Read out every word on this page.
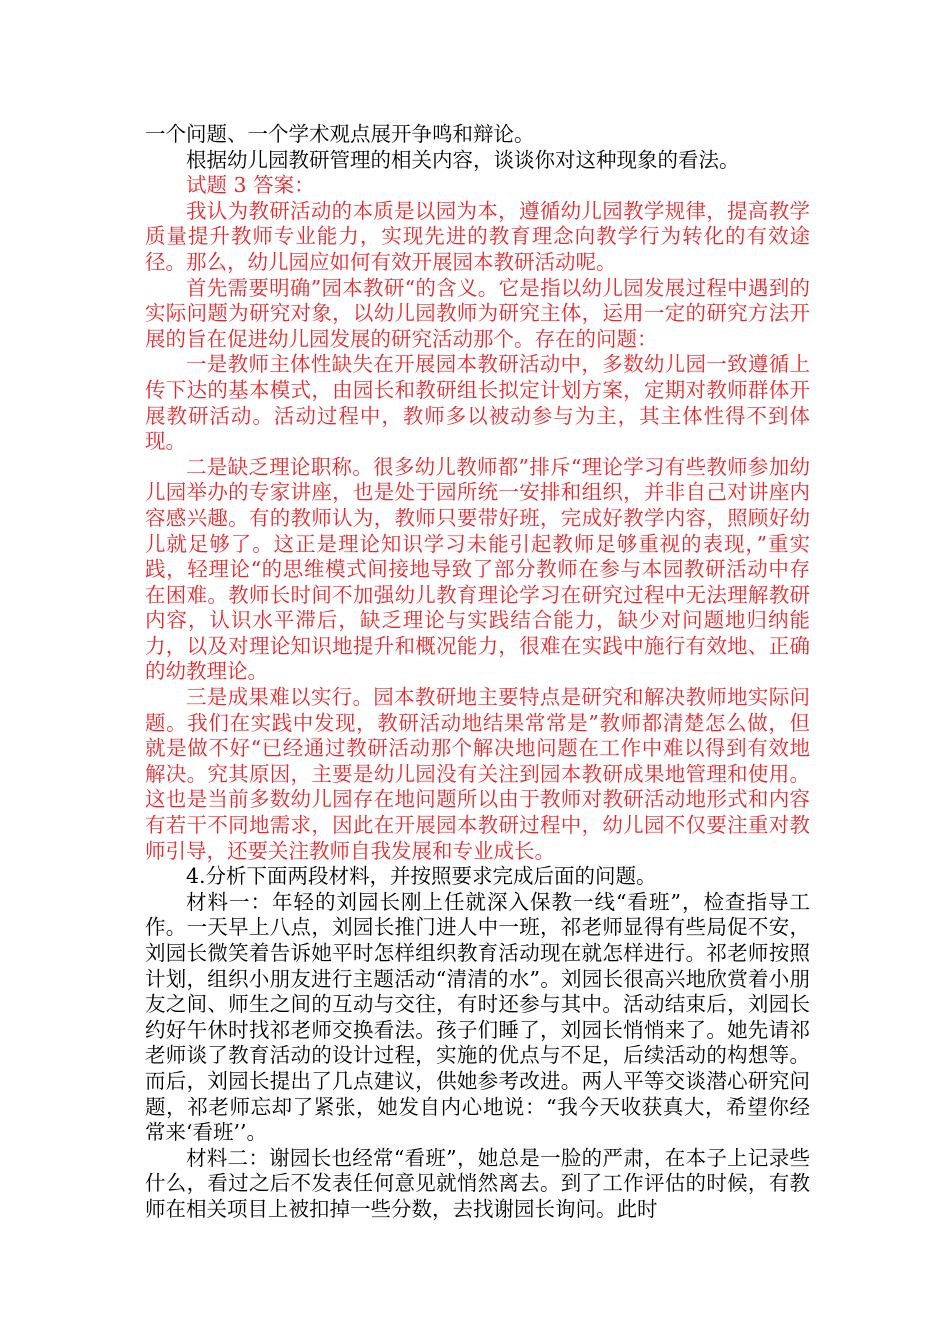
一个问题、一个学术观点展开争鸣和辩论。

根据幼儿园教研管理的相关内容，谈谈你对这种现象的看法。

试题 3 答案：

我认为教研活动的本质是以园为本，遵循幼儿园教学规律，提高教学质量提升教师专业能力，实现先进的教育理念向教学行为转化的有效途径。那么，幼儿园应如何有效开展园本教研活动呢。

首先需要明确”园本教研“的含义。它是指以幼儿园发展过程中遇到的实际问题为研究对象，以幼儿园教师为研究主体，运用一定的研究方法开展的旨在促进幼儿园发展的研究活动那个。存在的问题：

一是教师主体性缺失在开展园本教研活动中，多数幼儿园一致遵循上传下达的基本模式，由园长和教研组长拟定计划方案，定期对教师群体开展教研活动。活动过程中，教师多以被动参与为主，其主体性得不到体现。

二是缺乏理论职称。很多幼儿教师都”排斥“理论学习有些教师参加幼儿园举办的专家讲座，也是处于园所统一安排和组织，并非自己对讲座内容感兴趣。有的教师认为，教师只要带好班，完成好教学内容，照顾好幼儿就足够了。这正是理论知识学习未能引起教师足够重视的表现，”重实践，轻理论“的思维模式间接地导致了部分教师在参与本园教研活动中存在困难。教师长时间不加强幼儿教育理论学习在研究过程中无法理解教研内容，认识水平滞后，缺乏理论与实践结合能力，缺少对问题地归纳能力，以及对理论知识地提升和概况能力，很难在实践中施行有效地、正确的幼教理论。

三是成果难以实行。园本教研地主要特点是研究和解决教师地实际问题。我们在实践中发现，教研活动地结果常常是”教师都清楚怎么做，但就是做不好“已经通过教研活动那个解决地问题在工作中难以得到有效地解决。究其原因，主要是幼儿园没有关注到园本教研成果地管理和使用。这也是当前多数幼儿园存在地问题所以由于教师对教研活动地形式和内容有若干不同地需求，因此在开展园本教研过程中，幼儿园不仅要注重对教师引导，还要关注教师自我发展和专业成长。

4.分析下面两段材料，并按照要求完成后面的问题。

材料一：年轻的刘园长刚上任就深入保教一线“看班”，检查指导工作。一天早上八点，刘园长推门进人中一班，祁老师显得有些局促不安，刘园长微笑着告诉她平时怎样组织教育活动现在就怎样进行。祁老师按照计划，组织小朋友进行主题活动“清清的水”。刘园长很高兴地欣赏着小朋友之间、师生之间的互动与交往，有时还参与其中。活动结束后，刘园长约好午休时找祁老师交换看法。孩子们睡了，刘园长悄悄来了。她先请祁老师谈了教育活动的设计过程，实施的优点与不足，后续活动的构想等。而后，刘园长提出了几点建议，供她参考改进。两人平等交谈潜心研究问题，祁老师忘却了紧张，她发自内心地说：“我今天收获真大，希望你经常来‘看班’’。

材料二：谢园长也经常“看班”，她总是一脸的严肃，在本子上记录些什么，看过之后不发表任何意见就悄然离去。到了工作评估的时候，有教师在相关项目上被扣掉一些分数，去找谢园长询问。此时
